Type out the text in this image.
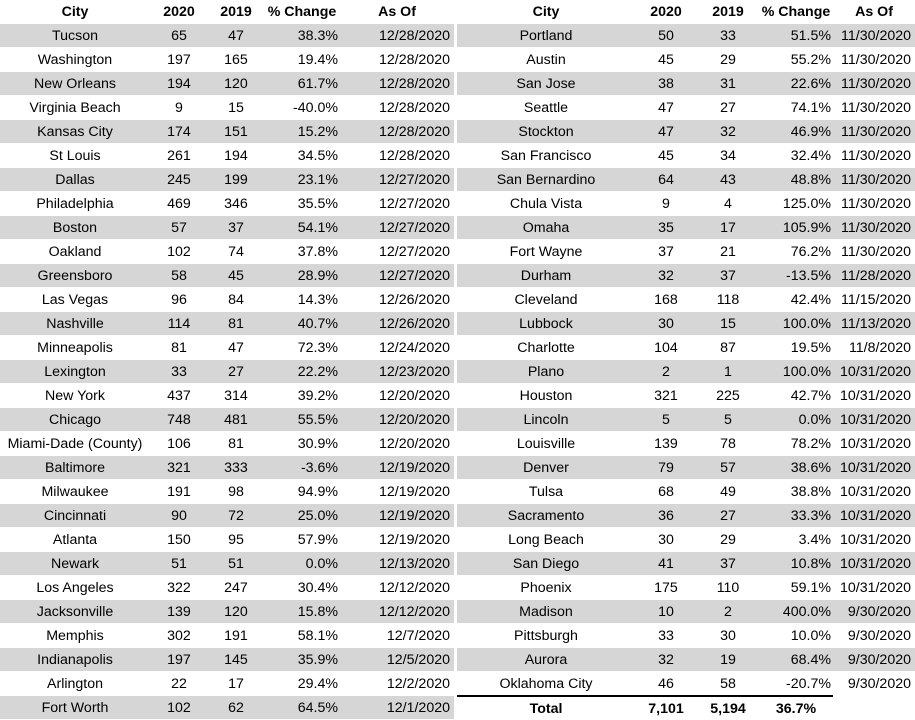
City	2020	2019	% Change	As Of
Tucson	65	47	38.3%	12/28/2020
Washington	197	165	19.4%	12/28/2020
New Orleans	194	120	61.7%	12/28/2020
Virginia Beach	9	15	-40.0%	12/28/2020
Kansas City	174	151	15.2%	12/28/2020
St Louis	261	194	34.5%	12/28/2020
Dallas	245	199	23.1%	12/27/2020
Philadelphia	469	346	35.5%	12/27/2020
Boston	57	37	54.1%	12/27/2020
Oakland	102	74	37.8%	12/27/2020
Greensboro	58	45	28.9%	12/27/2020
Las Vegas	96	84	14.3%	12/26/2020
Nashville	114	81	40.7%	12/26/2020
Minneapolis	81	47	72.3%	12/24/2020
Lexington	33	27	22.2%	12/23/2020
New York	437	314	39.2%	12/20/2020
Chicago	748	481	55.5%	12/20/2020
Miami-Dade (County)	106	81	30.9%	12/20/2020
Baltimore	321	333	-3.6%	12/19/2020
Milwaukee	191	98	94.9%	12/19/2020
Cincinnati	90	72	25.0%	12/19/2020
Atlanta	150	95	57.9%	12/19/2020
Newark	51	51	0.0%	12/13/2020
Los Angeles	322	247	30.4%	12/12/2020
Jacksonville	139	120	15.8%	12/12/2020
Memphis	302	191	58.1%	12/7/2020
Indianapolis	197	145	35.9%	12/5/2020
Arlington	22	17	29.4%	12/2/2020
Fort Worth	102	62	64.5%	12/1/2020
City	2020	2019	% Change	As Of
Portland	50	33	51.5%	11/30/2020
Austin	45	29	55.2%	11/30/2020
San Jose	38	31	22.6%	11/30/2020
Seattle	47	27	74.1%	11/30/2020
Stockton	47	32	46.9%	11/30/2020
San Francisco	45	34	32.4%	11/30/2020
San Bernardino	64	43	48.8%	11/30/2020
Chula Vista	9	4	125.0%	11/30/2020
Omaha	35	17	105.9%	11/30/2020
Fort Wayne	37	21	76.2%	11/30/2020
Durham	32	37	-13.5%	11/28/2020
Cleveland	168	118	42.4%	11/15/2020
Lubbock	30	15	100.0%	11/13/2020
Charlotte	104	87	19.5%	11/8/2020
Plano	2	1	100.0%	10/31/2020
Houston	321	225	42.7%	10/31/2020
Lincoln	5	5	0.0%	10/31/2020
Louisville	139	78	78.2%	10/31/2020
Denver	79	57	38.6%	10/31/2020
Tulsa	68	49	38.8%	10/31/2020
Sacramento	36	27	33.3%	10/31/2020
Long Beach	30	29	3.4%	10/31/2020
San Diego	41	37	10.8%	10/31/2020
Phoenix	175	110	59.1%	10/31/2020
Madison	10	2	400.0%	9/30/2020
Pittsburgh	33	30	10.0%	9/30/2020
Aurora	32	19	68.4%	9/30/2020
Oklahoma City	46	58	-20.7%	9/30/2020
Total	7,101	5,194	36.7%	
